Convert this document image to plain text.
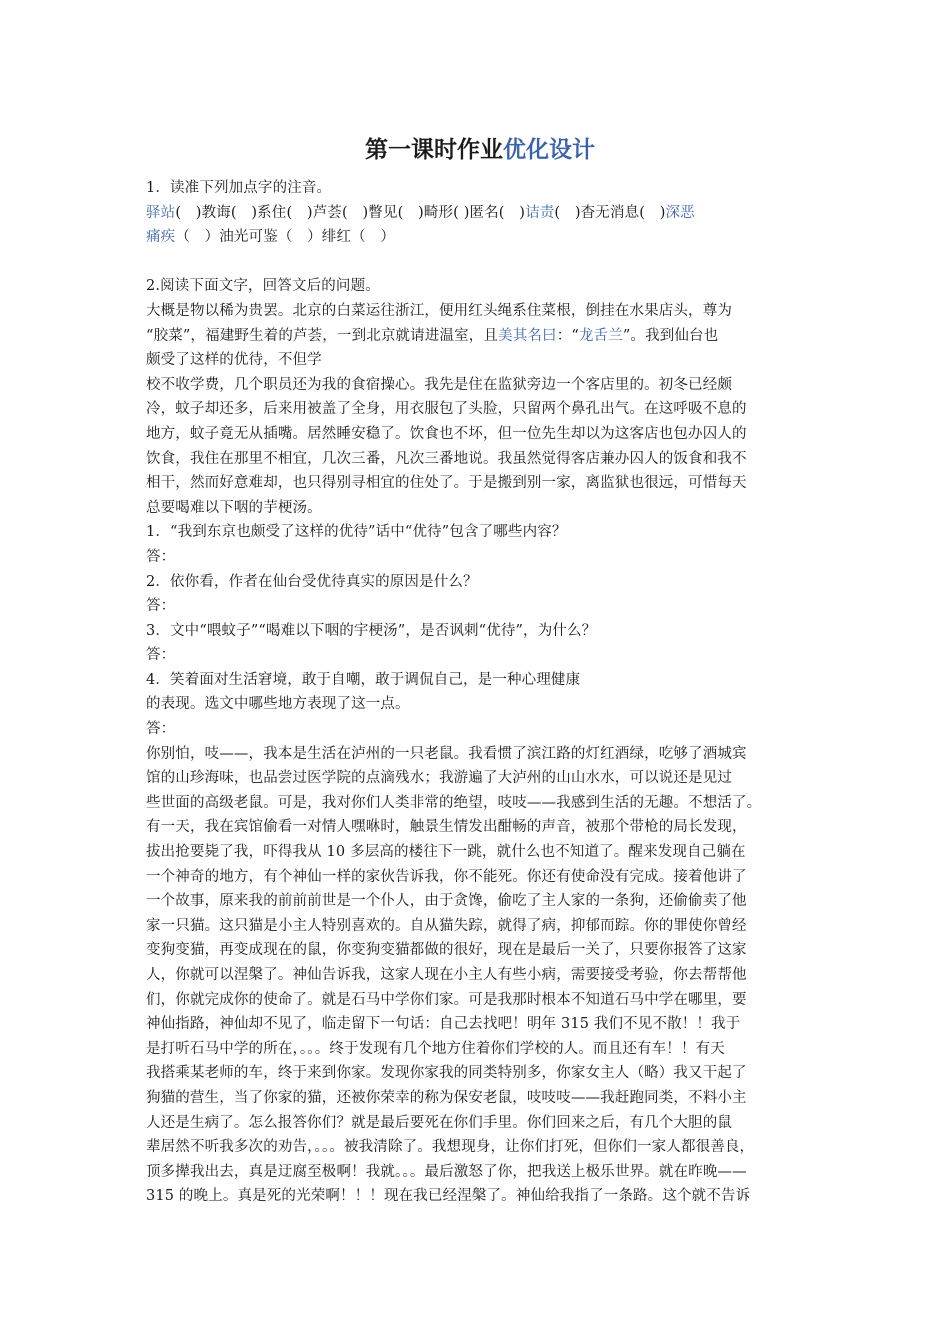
第一课时作业优化设计
1．读准下列加点字的注音。
驿站(　)教诲(　)系住(　)芦荟(　)瞥见(　)畸形( )匿名(　)诘责(　)杳无消息(　)深恶
痛疾（　）油光可鉴（　）绯红（　）
2.阅读下面文字，回答文后的问题。
大概是物以稀为贵罢。北京的白菜运往浙江，便用红头绳系住菜根，倒挂在水果店头，尊为
“胶菜”，福建野生着的芦荟，一到北京就请进温室，且美其名曰：“龙舌兰”。我到仙台也
颇受了这样的优待，不但学
校不收学费，几个职员还为我的食宿操心。我先是住在监狱旁边一个客店里的。初冬已经颇
冷，蚊子却还多，后来用被盖了全身，用衣服包了头脸，只留两个鼻孔出气。在这呼吸不息的
地方，蚊子竟无从插嘴。居然睡安稳了。饮食也不坏，但一位先生却以为这客店也包办囚人的
饮食，我住在那里不相宜，几次三番，凡次三番地说。我虽然觉得客店兼办囚人的饭食和我不
相干，然而好意难却，也只得别寻相宜的住处了。于是搬到别一家，离监狱也很远，可惜每天
总要喝难以下咽的芋梗汤。
1．“我到东京也颇受了这样的优待”话中“优待”包含了哪些内容？
答：
2．依你看，作者在仙台受优待真实的原因是什么？
答：
3．文中“喂蚊子”“喝难以下咽的宇梗汤”，是否讽刺“优待”，为什么？
答：
4．笑着面对生活窘境，敢于自嘲，敢于调侃自己，是一种心理健康
的表现。选文中哪些地方表现了这一点。
答：
你别怕，吱——，我本是生活在泸州的一只老鼠。我看惯了滨江路的灯红酒绿，吃够了酒城宾
馆的山珍海味，也品尝过医学院的点滴残水；我游遍了大泸州的山山水水，可以说还是见过
些世面的高级老鼠。可是，我对你们人类非常的绝望，吱吱——我感到生活的无趣。不想活了。
有一天，我在宾馆偷看一对情人嘿咻时，触景生情发出酣畅的声音，被那个带枪的局长发现，
拔出抢要毙了我，吓得我从 10 多层高的楼往下一跳，就什么也不知道了。醒来发现自己躺在
一个神奇的地方，有个神仙一样的家伙告诉我，你不能死。你还有使命没有完成。接着他讲了
一个故事，原来我的前前前世是一个仆人，由于贪馋，偷吃了主人家的一条狗，还偷偷卖了他
家一只猫。这只猫是小主人特别喜欢的。自从猫失踪，就得了病，抑郁而踪。你的罪使你曾经
变狗变猫，再变成现在的鼠，你变狗变猫都做的很好，现在是最后一关了，只要你报答了这家
人，你就可以涅槃了。神仙告诉我，这家人现在小主人有些小病，需要接受考验，你去帮帮他
们，你就完成你的使命了。就是石马中学你们家。可是我那时根本不知道石马中学在哪里，要
神仙指路，神仙却不见了，临走留下一句话：自己去找吧！明年 315 我们不见不散！！我于
是打听石马中学的所在，。。。终于发现有几个地方住着你们学校的人。而且还有车！！有天
我搭乘某老师的车，终于来到你家。发现你家我的同类特别多，你家女主人（略）我又干起了
狗猫的营生，当了你家的猫，还被你荣幸的称为保安老鼠，吱吱吱——我赶跑同类，不料小主
人还是生病了。怎么报答你们？就是最后要死在你们手里。你们回来之后，有几个大胆的鼠
辈居然不听我多次的劝告，。。。被我清除了。我想现身，让你们打死，但你们一家人都很善良，
顶多撵我出去，真是迂腐至极啊！我就。。。最后激怒了你，把我送上极乐世界。就在昨晚——
315 的晚上。真是死的光荣啊！！！现在我已经涅槃了。神仙给我指了一条路。这个就不告诉
